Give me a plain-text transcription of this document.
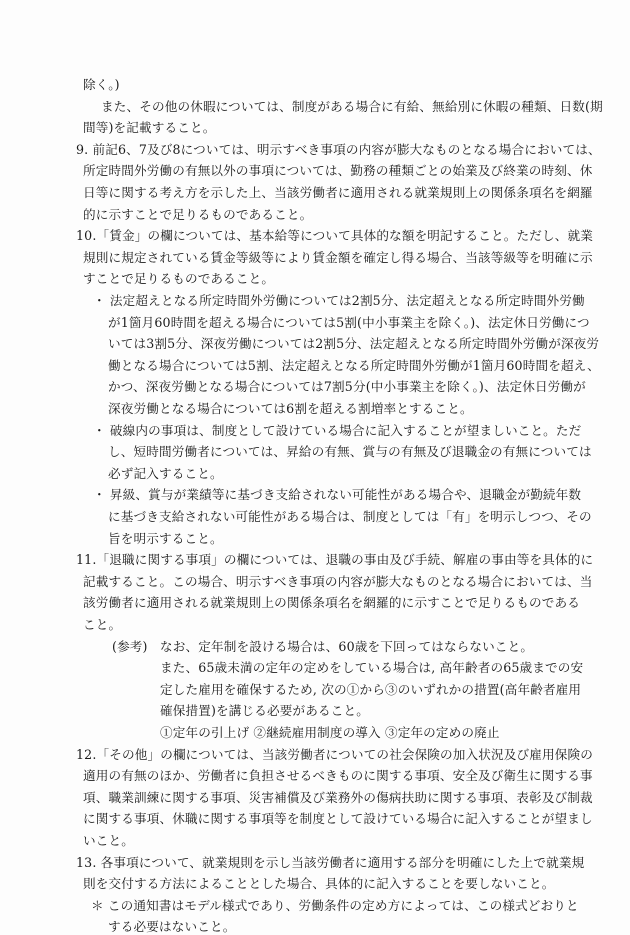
除く。)
また、その他の休暇については、制度がある場合に有給、無給別に休暇の種類、日数(期
間等)を記載すること。
9. 前記6、7及び8については、明示すべき事項の内容が膨大なものとなる場合においては、
所定時間外労働の有無以外の事項については、勤務の種類ごとの始業及び終業の時刻、休
日等に関する考え方を示した上、当該労働者に適用される就業規則上の関係条項名を網羅
的に示すことで足りるものであること。
10.「賃金」の欄については、基本給等について具体的な額を明記すること。ただし、就業
規則に規定されている賃金等級等により賃金額を確定し得る場合、当該等級等を明確に示
すことで足りるものであること。
・ 法定超えとなる所定時間外労働については2割5分、法定超えとなる所定時間外労働
が1箇月60時間を超える場合については5割(中小事業主を除く。)、法定休日労働につ
いては3割5分、深夜労働については2割5分、法定超えとなる所定時間外労働が深夜労
働となる場合については5割、法定超えとなる所定時間外労働が1箇月60時間を超え、
かつ、深夜労働となる場合については7割5分(中小事業主を除く。)、法定休日労働が
深夜労働となる場合については6割を超える割増率とすること。
・ 破線内の事項は、制度として設けている場合に記入することが望ましいこと。ただ
し、短時間労働者については、昇給の有無、賞与の有無及び退職金の有無については
必ず記入すること。
・ 昇級、賞与が業績等に基づき支給されない可能性がある場合や、退職金が勤続年数
に基づき支給されない可能性がある場合は、制度としては「有」を明示しつつ、その
旨を明示すること。
11.「退職に関する事項」の欄については、退職の事由及び手続、解雇の事由等を具体的に
記載すること。この場合、明示すべき事項の内容が膨大なものとなる場合においては、当
該労働者に適用される就業規則上の関係条項名を網羅的に示すことで足りるものである
こと。
(参考) なお、定年制を設ける場合は、60歳を下回ってはならないこと。
また、65歳未満の定年の定めをしている場合は, 高年齢者の65歳までの安
定した雇用を確保するため, 次の①から③のいずれかの措置(高年齢者雇用
確保措置)を講じる必要があること。
①定年の引上げ ②継続雇用制度の導入 ③定年の定めの廃止
12.「その他」の欄については、当該労働者についての社会保険の加入状況及び雇用保険の
適用の有無のほか、労働者に負担させるべきものに関する事項、安全及び衛生に関する事
項、職業訓練に関する事項、災害補償及び業務外の傷病扶助に関する事項、表彰及び制裁
に関する事項、休職に関する事項等を制度として設けている場合に記入することが望まし
いこと。
13. 各事項について、就業規則を示し当該労働者に適用する部分を明確にした上で就業規
則を交付する方法によることとした場合、具体的に記入することを要しないこと。
＊ この通知書はモデル様式であり、労働条件の定め方によっては、この様式どおりと
する必要はないこと。
